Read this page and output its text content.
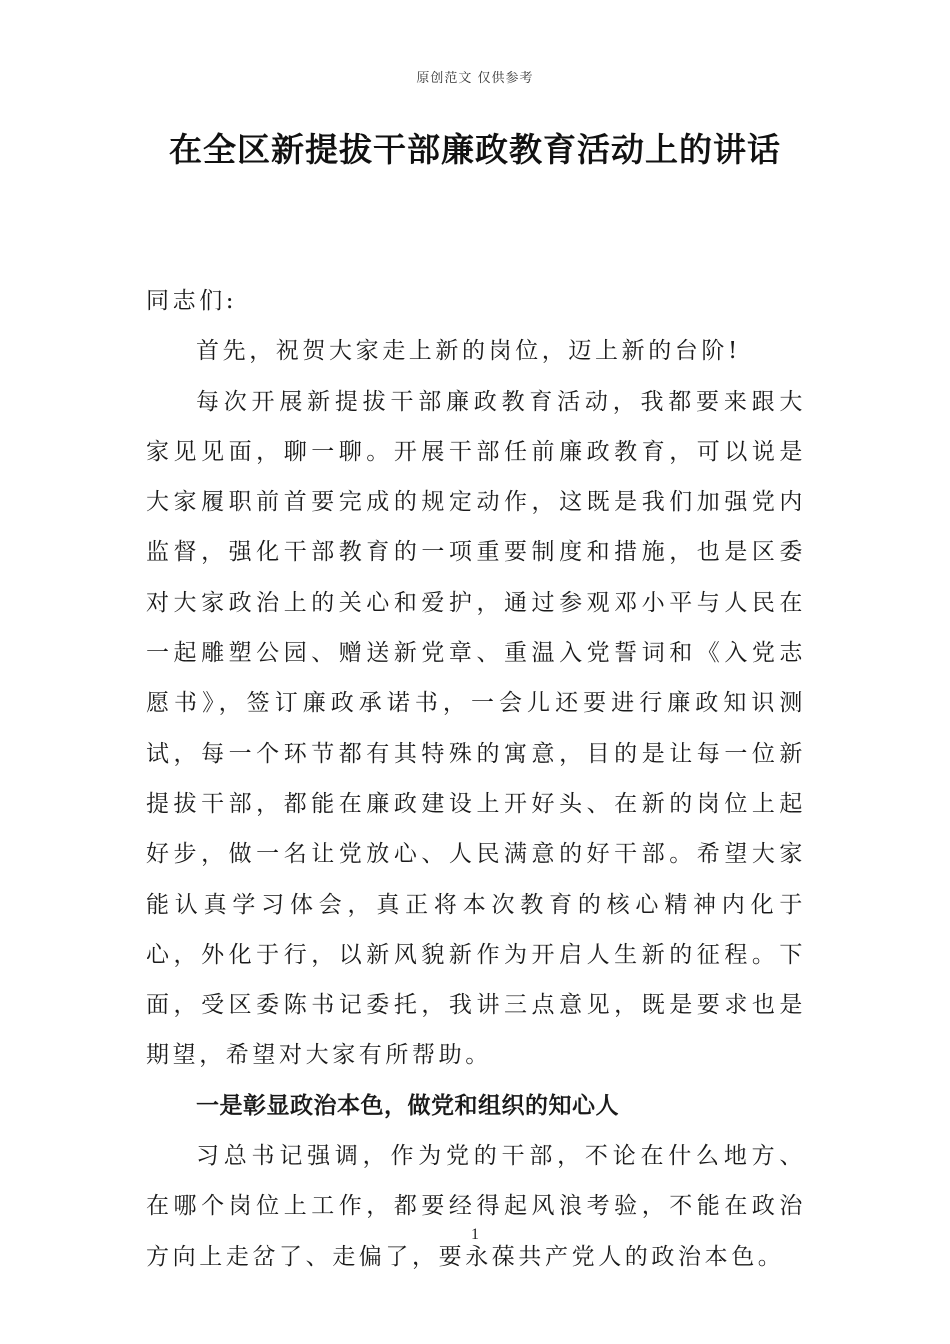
原创范文 仅供参考
在全区新提拔干部廉政教育活动上的讲话

同志们:

首先，祝贺大家走上新的岗位，迈上新的台阶!

每次开展新提拔干部廉政教育活动，我都要来跟大家见见面，聊一聊。开展干部任前廉政教育，可以说是大家履职前首要完成的规定动作，这既是我们加强党内监督，强化干部教育的一项重要制度和措施，也是区委对大家政治上的关心和爱护，通过参观邓小平与人民在一起雕塑公园、赠送新党章、重温入党誓词和《入党志愿书》，签订廉政承诺书，一会儿还要进行廉政知识测试，每一个环节都有其特殊的寓意，目的是让每一位新提拔干部，都能在廉政建设上开好头、在新的岗位上起好步，做一名让党放心、人民满意的好干部。希望大家能认真学习体会，真正将本次教育的核心精神内化于心，外化于行，以新风貌新作为开启人生新的征程。下面，受区委陈书记委托，我讲三点意见，既是要求也是期望，希望对大家有所帮助。

一是彰显政治本色，做党和组织的知心人

习总书记强调，作为党的干部，不论在什么地方、在哪个岗位上工作，都要经得起风浪考验，不能在政治方向上走岔了、走偏了，要永葆共产党人的政治本色。

1
